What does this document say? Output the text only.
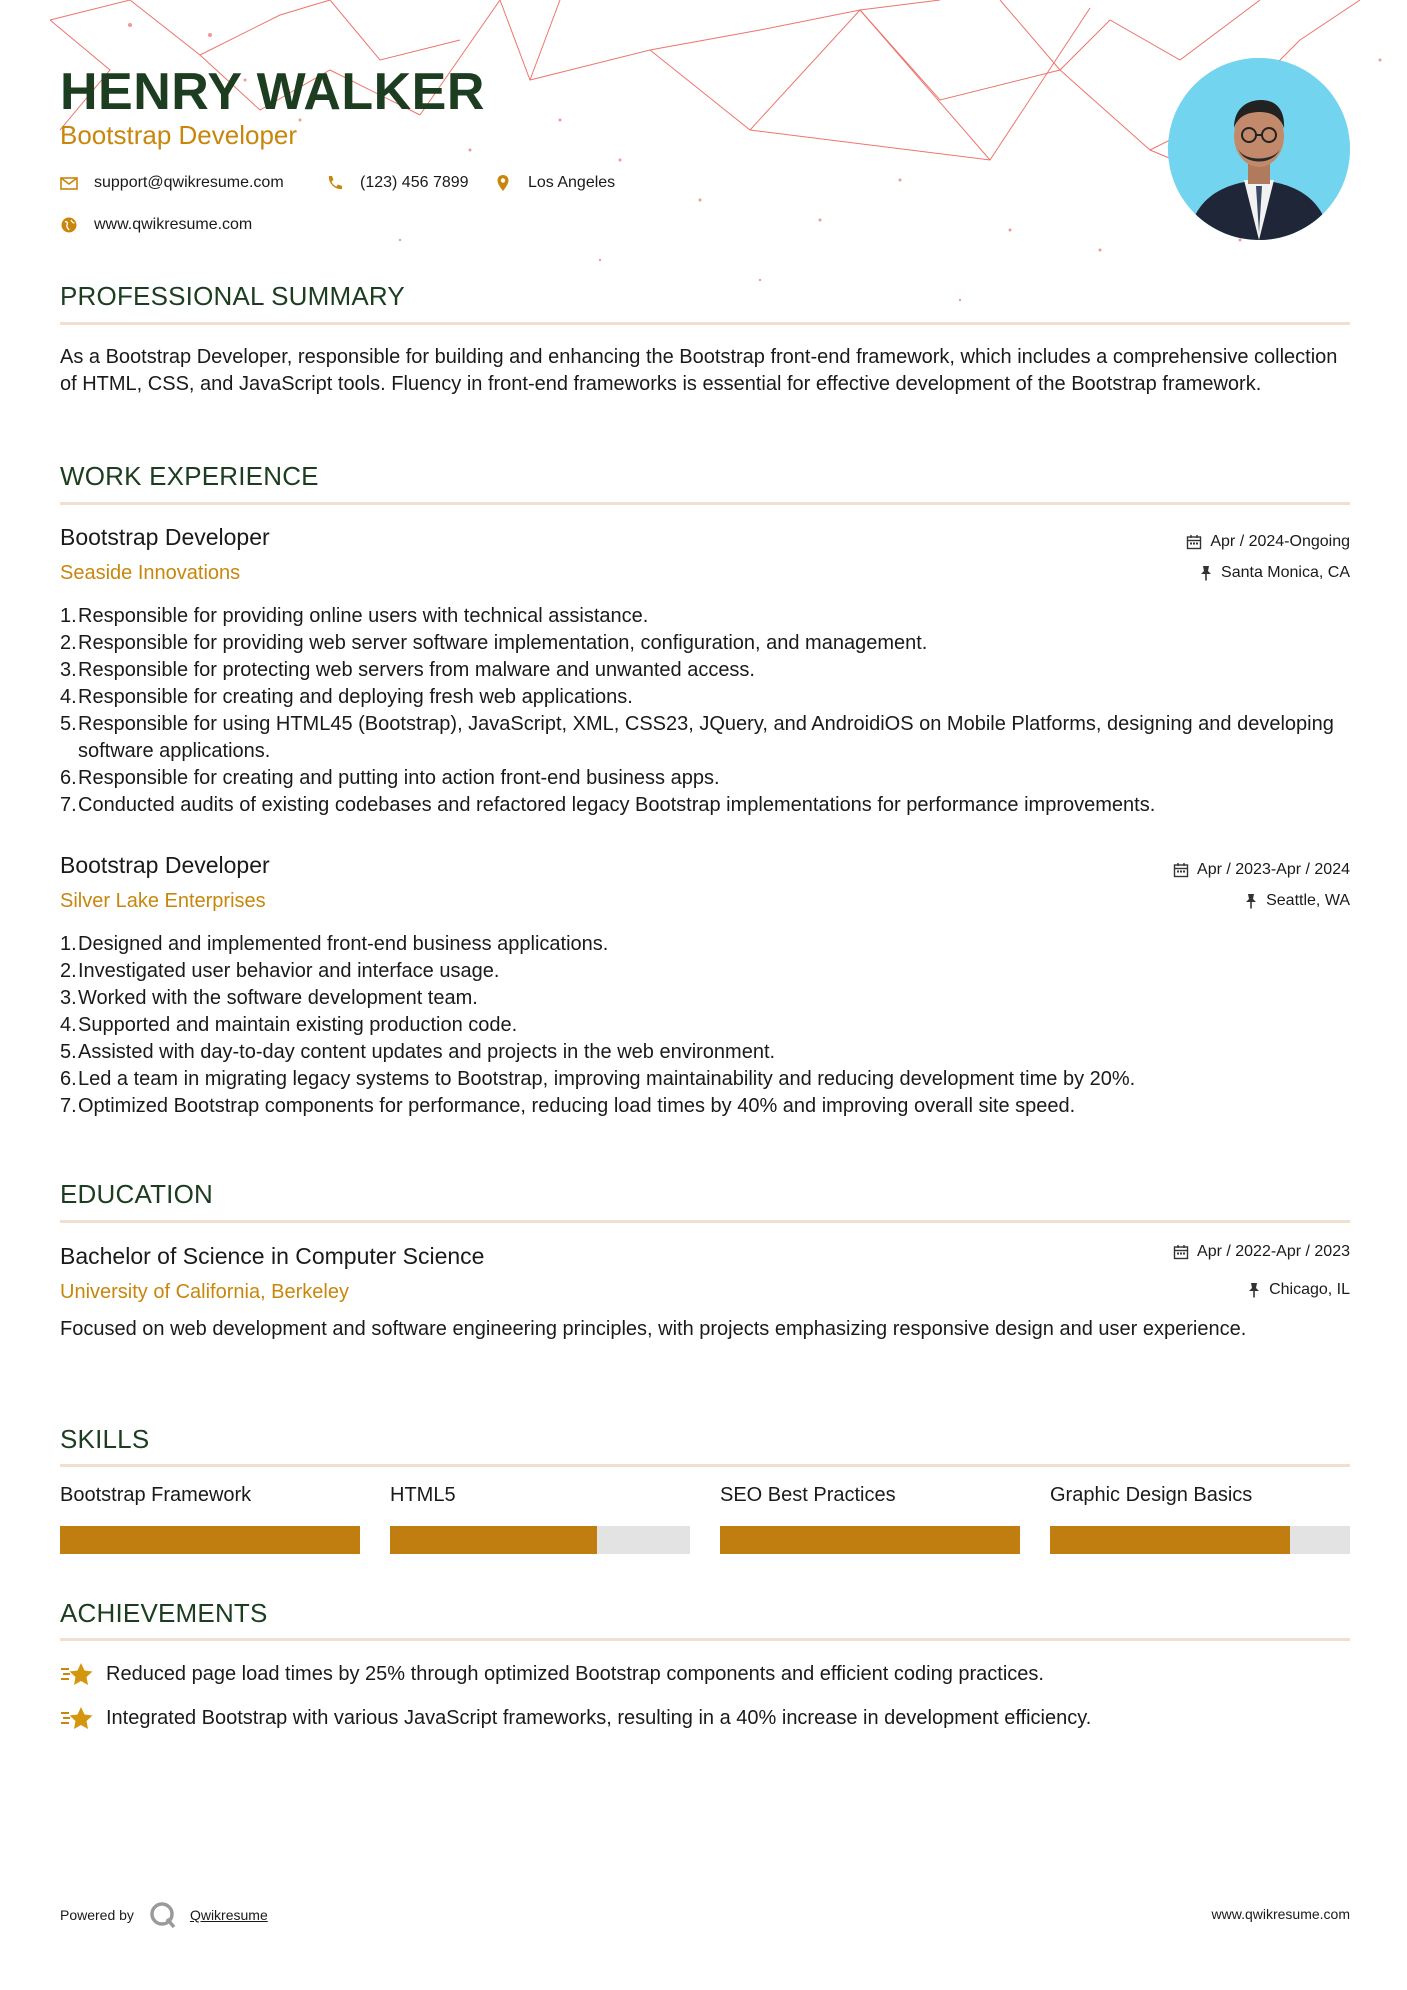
HENRY WALKER
Bootstrap Developer
support@qwikresume.com	(123) 456 7899	Los Angeles
www.qwikresume.com
PROFESSIONAL SUMMARY
As a Bootstrap Developer, responsible for building and enhancing the Bootstrap front-end framework, which includes a comprehensive collection of HTML, CSS, and JavaScript tools. Fluency in front-end frameworks is essential for effective development of the Bootstrap framework.
WORK EXPERIENCE
Bootstrap Developer
Seaside Innovations
Apr / 2024-Ongoing
Santa Monica, CA
1. Responsible for providing online users with technical assistance.
2. Responsible for providing web server software implementation, configuration, and management.
3. Responsible for protecting web servers from malware and unwanted access.
4. Responsible for creating and deploying fresh web applications.
5. Responsible for using HTML45 (Bootstrap), JavaScript, XML, CSS23, JQuery, and AndroidiOS on Mobile Platforms, designing and developing software applications.
6. Responsible for creating and putting into action front-end business apps.
7. Conducted audits of existing codebases and refactored legacy Bootstrap implementations for performance improvements.
Bootstrap Developer
Silver Lake Enterprises
Apr / 2023-Apr / 2024
Seattle, WA
1. Designed and implemented front-end business applications.
2. Investigated user behavior and interface usage.
3. Worked with the software development team.
4. Supported and maintain existing production code.
5. Assisted with day-to-day content updates and projects in the web environment.
6. Led a team in migrating legacy systems to Bootstrap, improving maintainability and reducing development time by 20%.
7. Optimized Bootstrap components for performance, reducing load times by 40% and improving overall site speed.
EDUCATION
Bachelor of Science in Computer Science
University of California, Berkeley
Apr / 2022-Apr / 2023
Chicago, IL
Focused on web development and software engineering principles, with projects emphasizing responsive design and user experience.
SKILLS
Bootstrap Framework	HTML5	SEO Best Practices	Graphic Design Basics
ACHIEVEMENTS
Reduced page load times by 25% through optimized Bootstrap components and efficient coding practices.
Integrated Bootstrap with various JavaScript frameworks, resulting in a 40% increase in development efficiency.
Powered by	Qwikresume	www.qwikresume.com
